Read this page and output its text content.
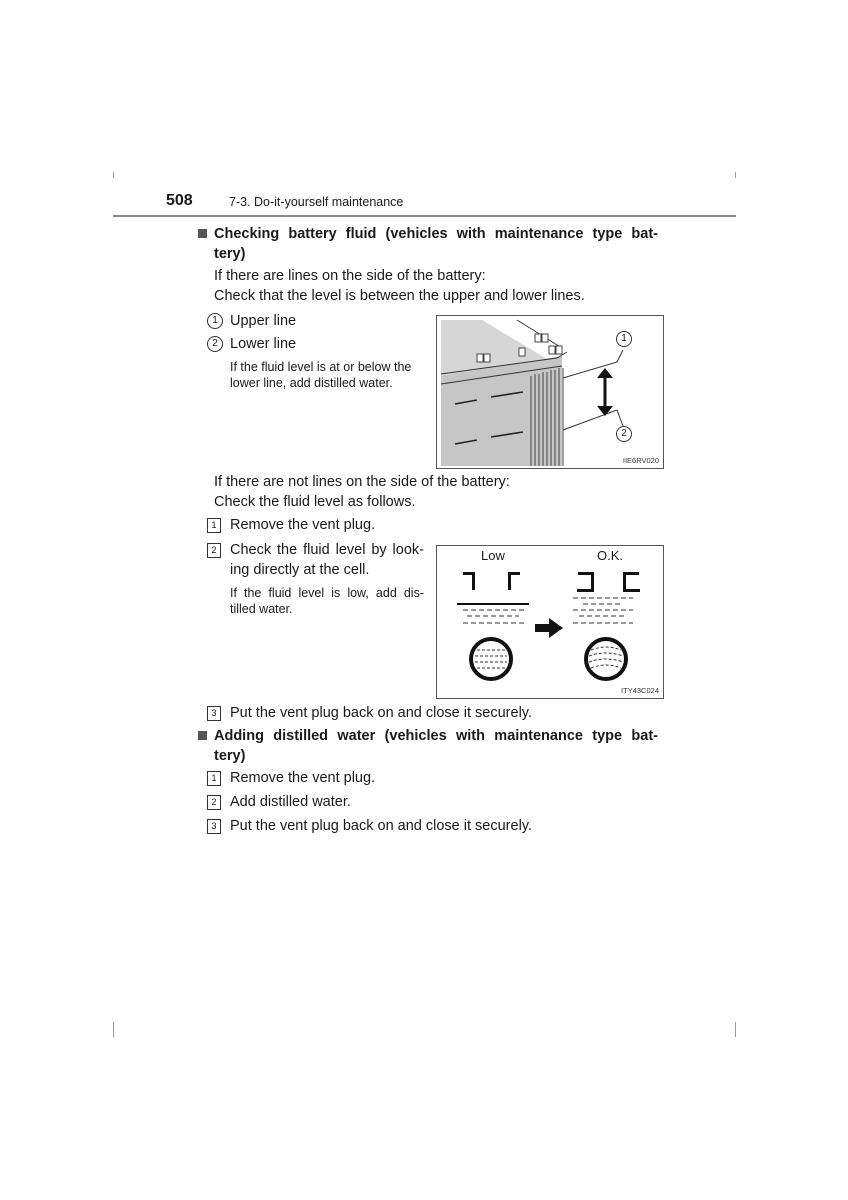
508	7-3. Do-it-yourself maintenance
Checking battery fluid (vehicles with maintenance type bat-
tery)
If there are lines on the side of the battery:
Check that the level is between the upper and lower lines.
1 Upper line
2 Lower line
If the fluid level is at or below the
lower line, add distilled water.
1
2
IIE6RV020
If there are not lines on the side of the battery:
Check the fluid level as follows.
1 Remove the vent plug.
2 Check the fluid level by look-
ing directly at the cell.
If the fluid level is low, add dis-
tilled water.
Low	O.K.
ITY43C024
3 Put the vent plug back on and close it securely.
Adding distilled water (vehicles with maintenance type bat-
tery)
1 Remove the vent plug.
2 Add distilled water.
3 Put the vent plug back on and close it securely.
